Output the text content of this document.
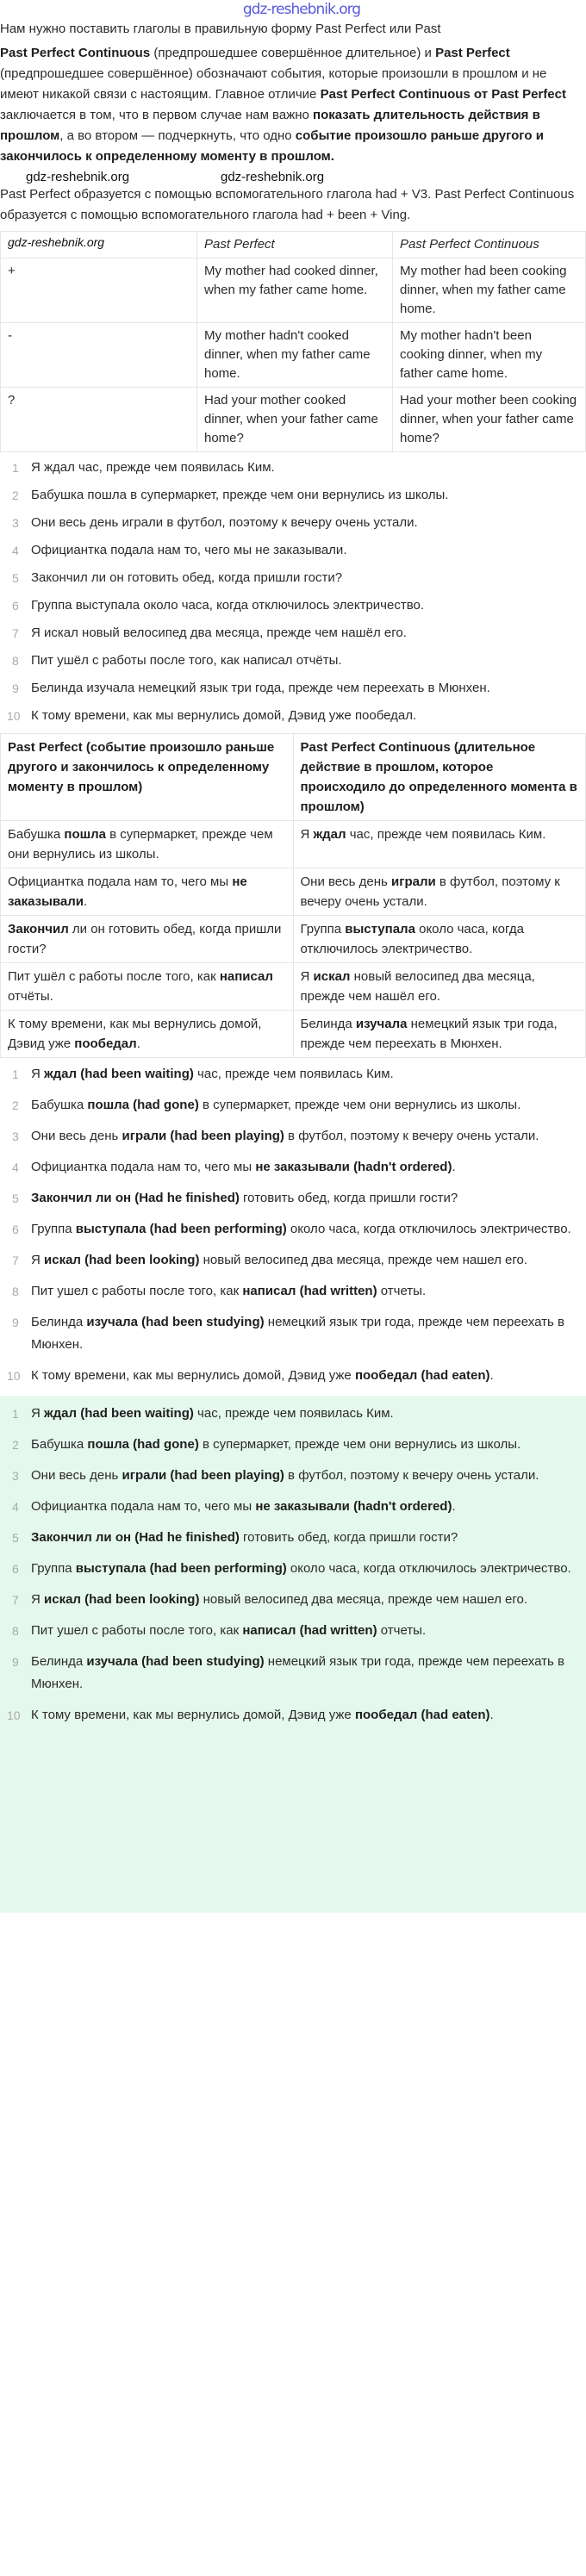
gdz-reshebnik.org

Нам нужно поставить глаголы в правильную форму Past Perfect или Past

Past Perfect Continuous (предпрошедшее совершённое длительное) и Past Perfect (предпрошедшее совершённое) обозначают события, которые произошли в прошлом и не имеют никакой связи с настоящим. Главное отличие Past Perfect Continuous от Past Perfect заключается в том, что в первом случае нам важно показать длительность действия в прошлом, а во втором — подчеркнуть, что одно событие произошло раньше другого и закончилось к определенному моменту в прошлом.

gdz-reshebnik.org	gdz-reshebnik.org

Past Perfect образуется с помощью вспомогательного глагола had + V3. Past Perfect Continuous образуется с помощью вспомогательного глагола had + been + Ving.

gdz-reshebnik.org	Past Perfect	Past Perfect Continuous
+	My mother had cooked dinner, when my father came home.	My mother had been cooking dinner, when my father came home.
-	My mother hadn't cooked dinner, when my father came home.	My mother hadn't been cooking dinner, when my father came home.
?	Had your mother cooked dinner, when your father came home?	Had your mother been cooking dinner, when your father came home?
1 Я ждал час, прежде чем появилась Ким.
2 Бабушка пошла в супермаркет, прежде чем они вернулись из школы.
3 Они весь день играли в футбол, поэтому к вечеру очень устали.
4 Официантка подала нам то, чего мы не заказывали.
5 Закончил ли он готовить обед, когда пришли гости?
6 Группа выступала около часа, когда отключилось электричество.
7 Я искал новый велосипед два месяца, прежде чем нашёл его.
8 Пит ушёл с работы после того, как написал отчёты.
9 Белинда изучала немецкий язык три года, прежде чем переехать в Мюнхен.
10 К тому времени, как мы вернулись домой, Дэвид уже пообедал.
Past Perfect (событие произошло раньше другого и закончилось к определенному моменту в прошлом)	Past Perfect Continuous (длительное действие в прошлом, которое происходило до определенного момента в прошлом)
Бабушка пошла в супермаркет, прежде чем они вернулись из школы.	Я ждал час, прежде чем появилась Ким.
Официантка подала нам то, чего мы не заказывали.	Они весь день играли в футбол, поэтому к вечеру очень устали.
Закончил ли он готовить обед, когда пришли гости?	Группа выступала около часа, когда отключилось электричество.
Пит ушёл с работы после того, как написал отчёты.	Я искал новый велосипед два месяца, прежде чем нашёл его.
К тому времени, как мы вернулись домой, Дэвид уже пообедал.	Белинда изучала немецкий язык три года, прежде чем переехать в Мюнхен.
1 Я ждал (had been waiting) час, прежде чем появилась Ким.
2 Бабушка пошла (had gone) в супермаркет, прежде чем они вернулись из школы.
3 Они весь день играли (had been playing) в футбол, поэтому к вечеру очень устали.
4 Официантка подала нам то, чего мы не заказывали (hadn't ordered).
5 Закончил ли он (Had he finished) готовить обед, когда пришли гости?
6 Группа выступала (had been performing) около часа, когда отключилось электричество.
7 Я искал (had been looking) новый велосипед два месяца, прежде чем нашел его.
8 Пит ушел с работы после того, как написал (had written) отчеты.
9 Белинда изучала (had been studying) немецкий язык три года, прежде чем переехать в Мюнхен.
10 К тому времени, как мы вернулись домой, Дэвид уже пообедал (had eaten).
1 Я ждал (had been waiting) час, прежде чем появилась Ким.
2 Бабушка пошла (had gone) в супермаркет, прежде чем они вернулись из школы.
3 Они весь день играли (had been playing) в футбол, поэтому к вечеру очень устали.
4 Официантка подала нам то, чего мы не заказывали (hadn't ordered).
5 Закончил ли он (Had he finished) готовить обед, когда пришли гости?
6 Группа выступала (had been performing) около часа, когда отключилось электричество.
7 Я искал (had been looking) новый велосипед два месяца, прежде чем нашел его.
8 Пит ушел с работы после того, как написал (had written) отчеты.
9 Белинда изучала (had been studying) немецкий язык три года, прежде чем переехать в Мюнхен.
10 К тому времени, как мы вернулись домой, Дэвид уже пообедал (had eaten).
